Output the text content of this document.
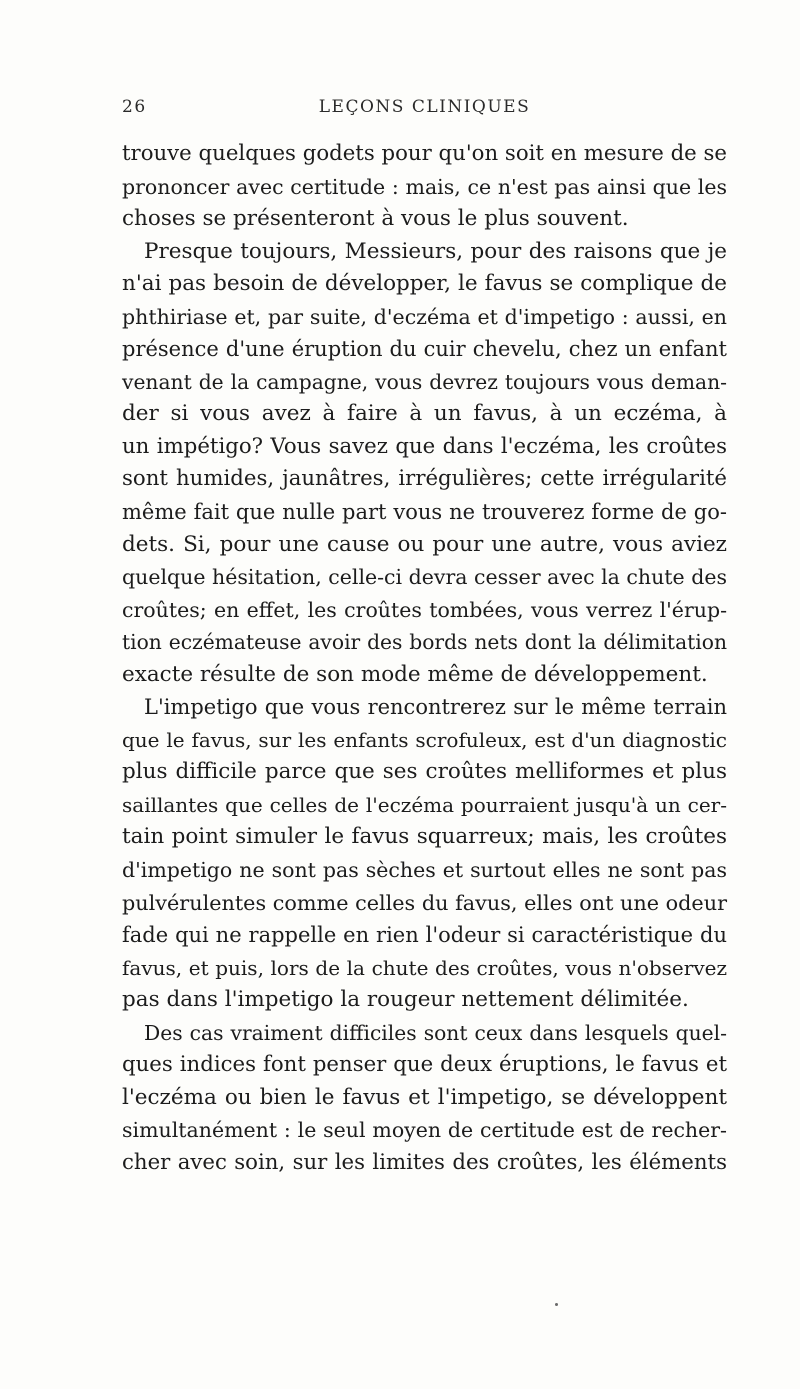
26	LEÇONS CLINIQUES
trouve quelques godets pour qu'on soit en mesure de se
prononcer avec certitude : mais, ce n'est pas ainsi que les
choses se présenteront à vous le plus souvent.
Presque toujours, Messieurs, pour des raisons que je
n'ai pas besoin de développer, le favus se complique de
phthiriase et, par suite, d'eczéma et d'impetigo : aussi, en
présence d'une éruption du cuir chevelu, chez un enfant
venant de la campagne, vous devrez toujours vous deman-
der si vous avez à faire à un favus, à un eczéma, à
un impétigo? Vous savez que dans l'eczéma, les croûtes
sont humides, jaunâtres, irrégulières; cette irrégularité
même fait que nulle part vous ne trouverez forme de go-
dets. Si, pour une cause ou pour une autre, vous aviez
quelque hésitation, celle-ci devra cesser avec la chute des
croûtes; en effet, les croûtes tombées, vous verrez l'érup-
tion eczémateuse avoir des bords nets dont la délimitation
exacte résulte de son mode même de développement.
L'impetigo que vous rencontrerez sur le même terrain
que le favus, sur les enfants scrofuleux, est d'un diagnostic
plus difficile parce que ses croûtes melliformes et plus
saillantes que celles de l'eczéma pourraient jusqu'à un cer-
tain point simuler le favus squarreux; mais, les croûtes
d'impetigo ne sont pas sèches et surtout elles ne sont pas
pulvérulentes comme celles du favus, elles ont une odeur
fade qui ne rappelle en rien l'odeur si caractéristique du
favus, et puis, lors de la chute des croûtes, vous n'observez
pas dans l'impetigo la rougeur nettement délimitée.
Des cas vraiment difficiles sont ceux dans lesquels quel-
ques indices font penser que deux éruptions, le favus et
l'eczéma ou bien le favus et l'impetigo, se développent
simultanément : le seul moyen de certitude est de recher-
cher avec soin, sur les limites des croûtes, les éléments
